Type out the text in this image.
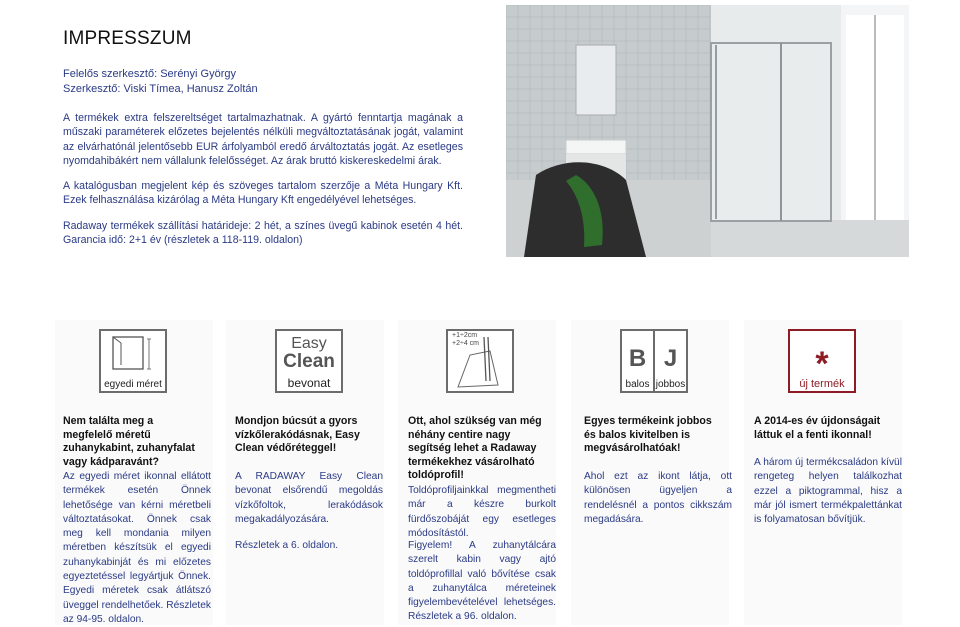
IMPRESSZUM
Felelős szerkesztő: Serényi György
Szerkesztő: Viski Tímea, Hanusz Zoltán
A termékek extra felszereltséget tartalmazhatnak. A gyártó fenntartja magának a műszaki paraméterek előzetes bejelentés nélküli megváltoztatásának jogát, valamint az elvárhatónál jelentősebb EUR árfolyamból eredő árváltoztatás jogát. Az esetleges nyomdahibákért nem vállalunk felelősséget. Az árak bruttó kiskereskedelmi árak.
A katalógusban megjelent kép és szöveges tartalom szerzője a Méta Hungary Kft. Ezek felhasználása kizárólag a Méta Hungary Kft engedélyével lehetséges.
Radaway termékek szállítási határideje: 2 hét, a színes üvegű kabinok esetén 4 hét. Garancia idő: 2+1 év (részletek a 118-119. oldalon)
egyedi méret
Easy
Clean
bevonat
+1÷2cm
+2÷4 cm
B J
balos jobbos
*
új termék
Nem találta meg a megfelelő méretű zuhanykabint, zuhanyfalat vagy kádparavánt?
Mondjon búcsút a gyors vízkőlerakódásnak, Easy Clean védőréteggel!
Ott, ahol szükség van még néhány centire nagy segítség lehet a Radaway termékekhez vásárolható toldóprofil!
Egyes termékeink jobbos és balos kivitelben is megvásárolhatóak!
A 2014-es év újdonságait láttuk el a fenti ikonnal!
Az egyedi méret ikonnal ellátott termékek esetén Önnek lehetősége van kérni méretbeli változtatásokat. Önnek csak meg kell mondania milyen méretben készítsük el egyedi zuhanykabinját és mi előzetes egyeztetéssel legyártjuk Önnek. Egyedi méretek csak átlátszó üveggel rendelhetőek. Részletek az 94-95. oldalon.
A RADAWAY Easy Clean bevonat elsőrendű megoldás vízkőfoltok, lerakódások megakadályozására.
Részletek a 6. oldalon.
Toldóprofiljainkkal megmentheti már a készre burkolt fürdőszobáját egy esetleges módosítástól.
Figyelem! A zuhanytálcára szerelt kabin vagy ajtó toldóprofillal való bővítése csak a zuhanytálca méreteinek figyelembevételével lehetséges. Részletek a 96. oldalon.
Ahol ezt az ikont látja, ott különösen ügyeljen a rendelésnél a pontos cikkszám megadására.
A három új termékcsaládon kívül rengeteg helyen találkozhat ezzel a piktogrammal, hisz a már jól ismert termékpalettánkat is folyamatosan bővítjük.
